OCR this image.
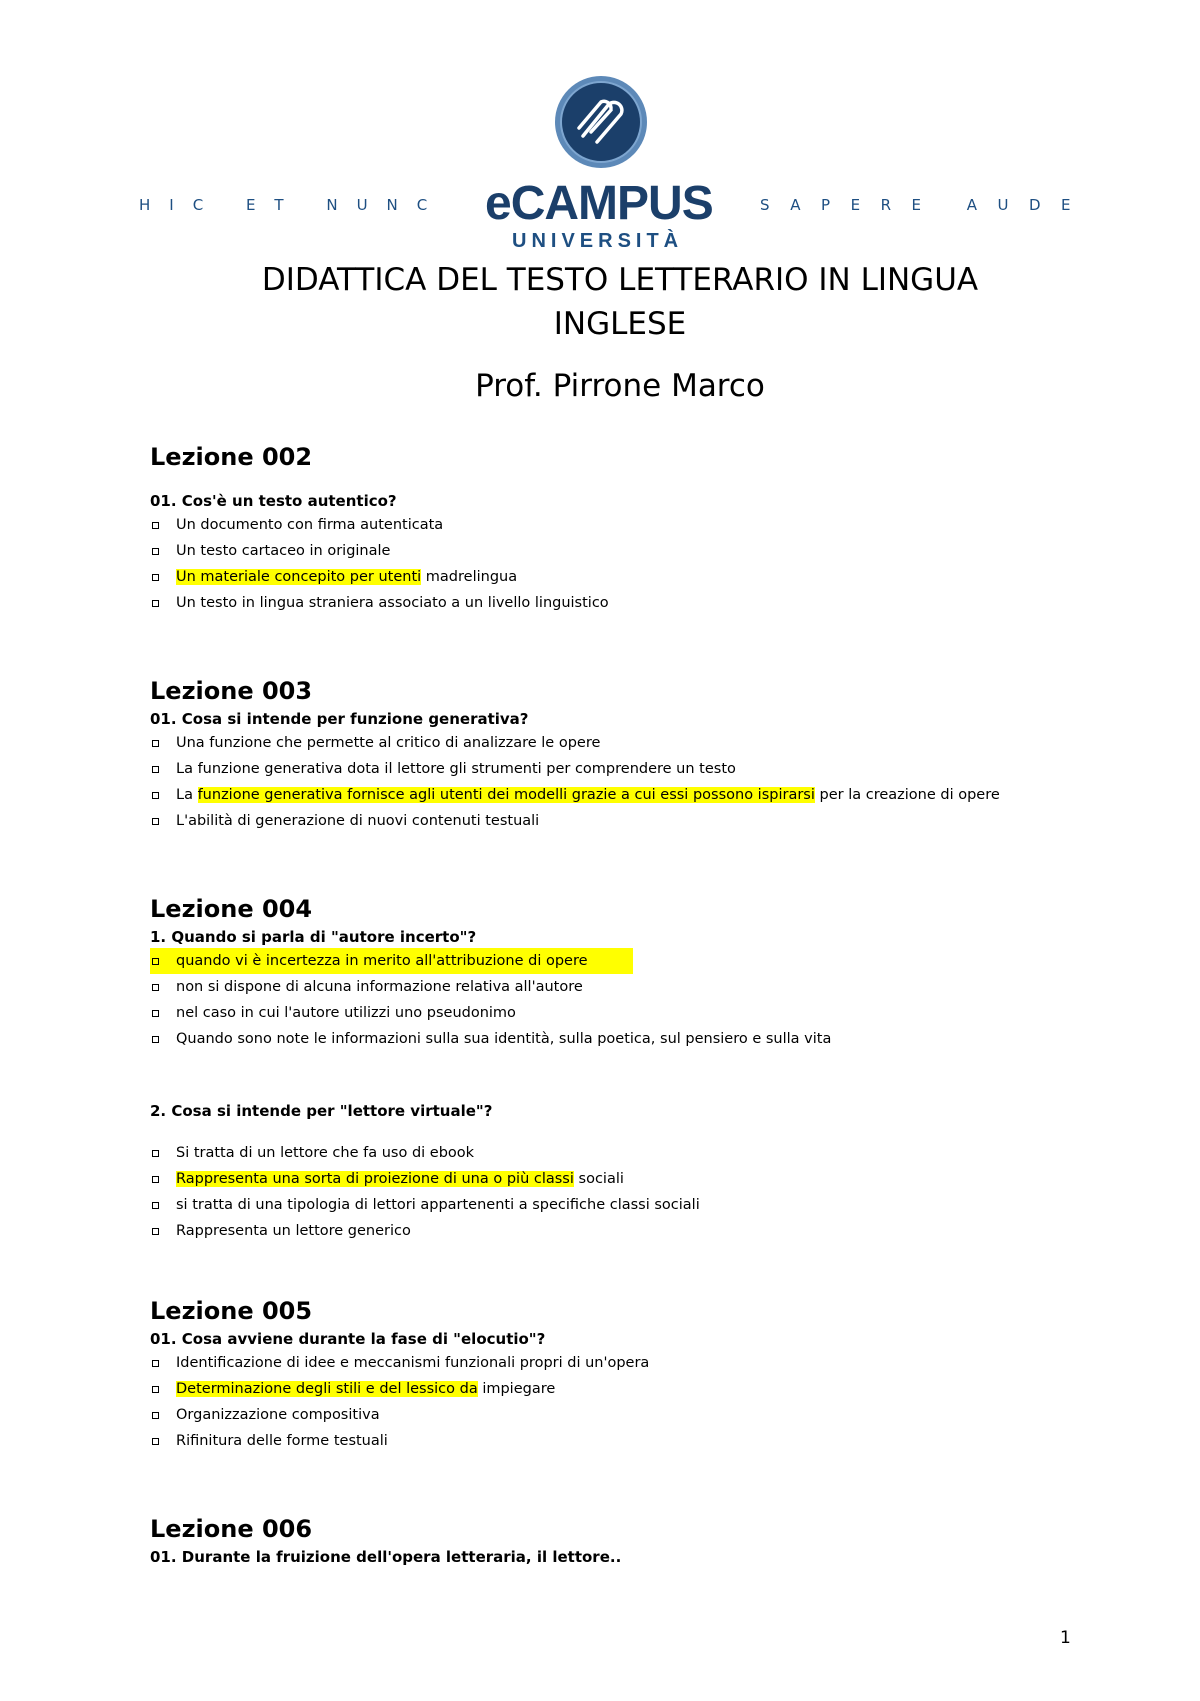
HIC ET NUNC eCAMPUS	SAPERE AUDE
UNIVERSITÀ
DIDATTICA DEL TESTO LETTERARIO IN LINGUA
INGLESE
Prof. Pirrone Marco
Lezione 002

01. Cos'è un testo autentico?

Un documento con firma autenticata
Un testo cartaceo in originale
Un materiale concepito per utenti madrelingua
Un testo in lingua straniera associato a un livello linguistico
Lezione 003

01. Cosa si intende per funzione generativa?

Una funzione che permette al critico di analizzare le opere
La funzione generativa dota il lettore gli strumenti per comprendere un testo
La funzione generativa fornisce agli utenti dei modelli grazie a cui essi possono ispirarsi per la creazione di opere
L'abilità di generazione di nuovi contenuti testuali
Lezione 004

1. Quando si parla di "autore incerto"?

quando vi è incertezza in merito all'attribuzione di opere
non si dispone di alcuna informazione relativa all'autore
nel caso in cui l'autore utilizzi uno pseudonimo
Quando sono note le informazioni sulla sua identità, sulla poetica, sul pensiero e sulla vita

2. Cosa si intende per "lettore virtuale"?

Si tratta di un lettore che fa uso di ebook
Rappresenta una sorta di proiezione di una o più classi sociali
si tratta di una tipologia di lettori appartenenti a specifiche classi sociali
Rappresenta un lettore generico
Lezione 005

01. Cosa avviene durante la fase di "elocutio"?

Identificazione di idee e meccanismi funzionali propri di un'opera
Determinazione degli stili e del lessico da impiegare
Organizzazione compositiva
Rifinitura delle forme testuali
Lezione 006

01. Durante la fruizione dell'opera letteraria, il lettore..

1
